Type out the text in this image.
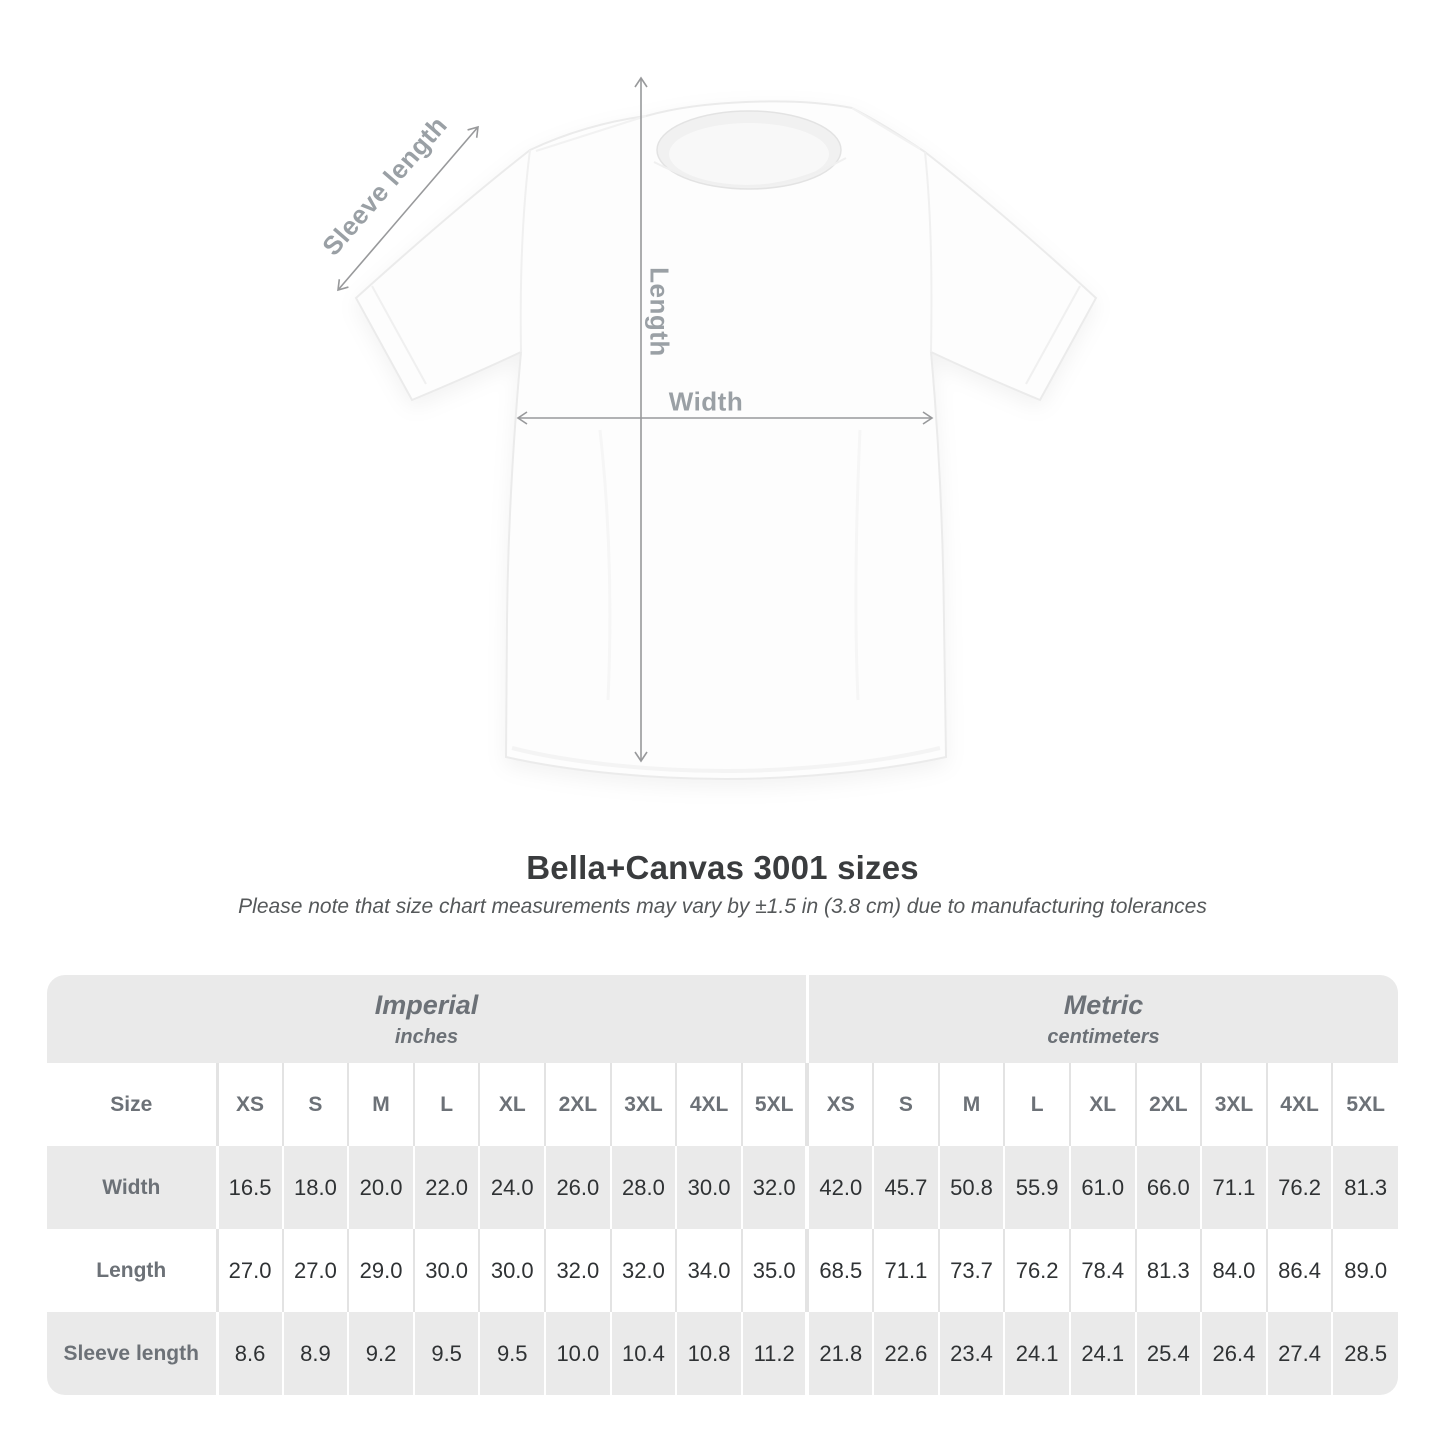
Sleeve length
Length
Width
Bella+Canvas 3001 sizes
Please note that size chart measurements may vary by ±1.5 in (3.8 cm) due to manufacturing tolerances
Imperial
inches

Metric
centimeters

Size	XS	S	M	L	XL	2XL	3XL	4XL	5XL	XS	S	M	L	XL	2XL	3XL	4XL	5XL
Width	16.5	18.0	20.0	22.0	24.0	26.0	28.0	30.0	32.0	42.0	45.7	50.8	55.9	61.0	66.0	71.1	76.2	81.3
Length	27.0	27.0	29.0	30.0	30.0	32.0	32.0	34.0	35.0	68.5	71.1	73.7	76.2	78.4	81.3	84.0	86.4	89.0
Sleeve length	8.6	8.9	9.2	9.5	9.5	10.0	10.4	10.8	11.2	21.8	22.6	23.4	24.1	24.1	25.4	26.4	27.4	28.5
